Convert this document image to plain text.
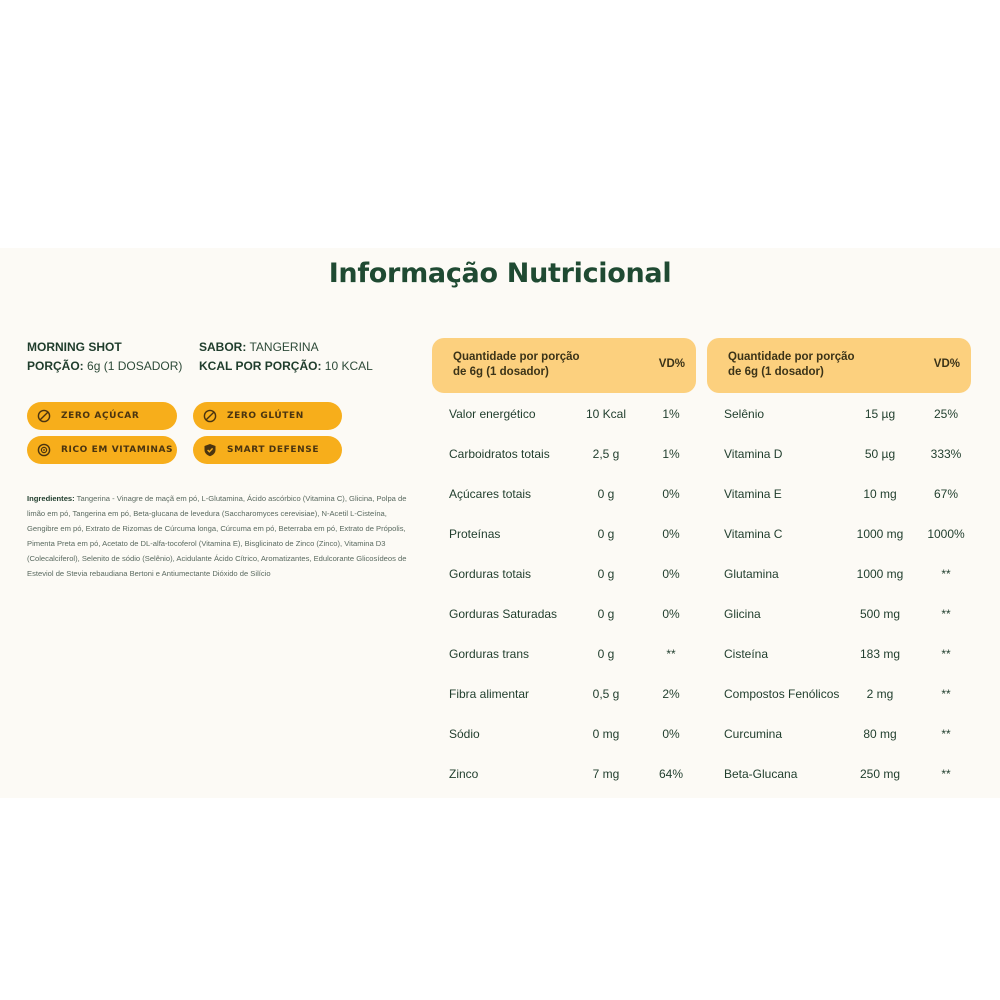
Informação Nutricional
MORNING SHOT
PORÇÃO: 6g (1 DOSADOR)
SABOR: TANGERINA
KCAL POR PORÇÃO: 10 KCAL
ZERO AÇÚCAR	ZERO GLÚTEN
RICO EM VITAMINAS	SMART DEFENSE
Ingredientes: Tangerina - Vinagre de maçã em pó, L-Glutamina, Ácido ascórbico (Vitamina C), Glicina, Polpa de limão em pó, Tangerina em pó, Beta-glucana de levedura (Saccharomyces cerevisiae), N-Acetil L-Cisteína, Gengibre em pó, Extrato de Rizomas de Cúrcuma longa, Cúrcuma em pó, Beterraba em pó, Extrato de Própolis, Pimenta Preta em pó, Acetato de DL-alfa-tocoferol (Vitamina E), Bisglicinato de Zinco (Zinco), Vitamina D3 (Colecalciferol), Selenito de sódio (Selênio), Acidulante Ácido Cítrico, Aromatizantes, Edulcorante Glicosídeos de Esteviol de Stevia rebaudiana Bertoni e Antiumectante Dióxido de Silício
Quantidade por porção
de 6g (1 dosador)
VD%
Quantidade por porção
de 6g (1 dosador)
VD%
Valor energético	10 Kcal	1%
Carboidratos totais	2,5 g	1%
Açúcares totais	0 g	0%
Proteínas	0 g	0%
Gorduras totais	0 g	0%
Gorduras Saturadas	0 g	0%
Gorduras trans	0 g	**
Fibra alimentar	0,5 g	2%
Sódio	0 mg	0%
Zinco	7 mg	64%
Selênio	15 µg	25%
Vitamina D	50 µg	333%
Vitamina E	10 mg	67%
Vitamina C	1000 mg	1000%
Glutamina	1000 mg	**
Glicina	500 mg	**
Cisteína	183 mg	**
Compostos Fenólicos	2 mg	**
Curcumina	80 mg	**
Beta-Glucana	250 mg	**
